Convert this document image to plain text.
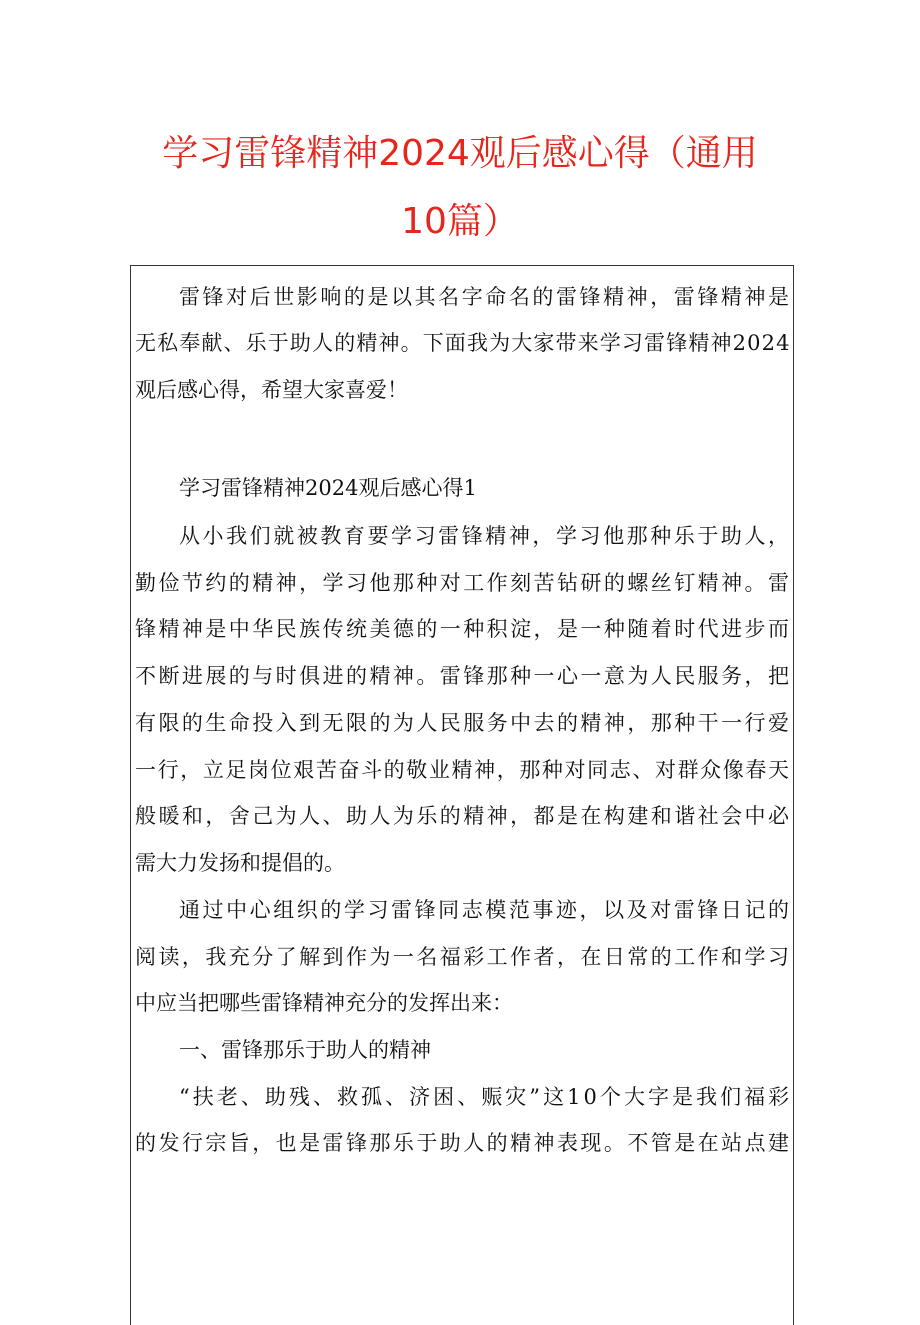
学习雷锋精神2024观后感心得（通用
10篇）
雷锋对后世影响的是以其名字命名的雷锋精神，雷锋精神是
无私奉献、乐于助人的精神。下面我为大家带来学习雷锋精神2024
观后感心得，希望大家喜爱！
学习雷锋精神2024观后感心得1
从小我们就被教育要学习雷锋精神，学习他那种乐于助人，
勤俭节约的精神，学习他那种对工作刻苦钻研的螺丝钉精神。雷
锋精神是中华民族传统美德的一种积淀，是一种随着时代进步而
不断进展的与时俱进的精神。雷锋那种一心一意为人民服务，把
有限的生命投入到无限的为人民服务中去的精神，那种干一行爱
一行，立足岗位艰苦奋斗的敬业精神，那种对同志、对群众像春天
般暖和，舍己为人、助人为乐的精神，都是在构建和谐社会中必
需大力发扬和提倡的。
通过中心组织的学习雷锋同志模范事迹，以及对雷锋日记的
阅读，我充分了解到作为一名福彩工作者，在日常的工作和学习
中应当把哪些雷锋精神充分的发挥出来：
一、雷锋那乐于助人的精神
“扶老、助残、救孤、济困、赈灾”这10个大字是我们福彩
的发行宗旨，也是雷锋那乐于助人的精神表现。不管是在站点建
